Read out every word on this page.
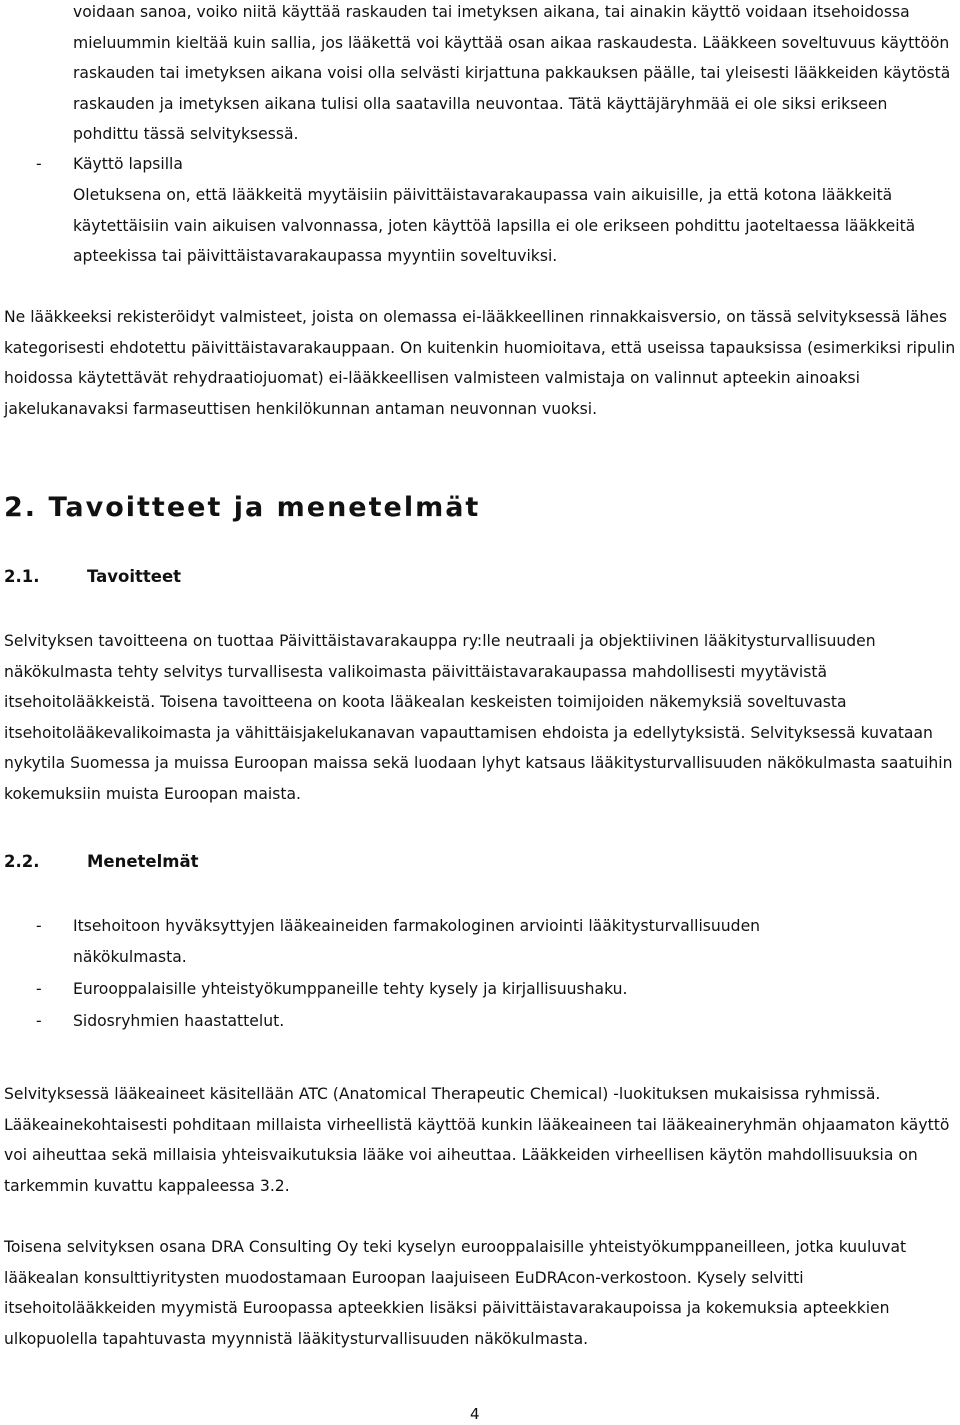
voidaan sanoa, voiko niitä käyttää raskauden tai imetyksen aikana, tai ainakin käyttö voidaan itsehoidossa mieluummin kieltää kuin sallia, jos lääkettä voi käyttää osan aikaa raskaudesta. Lääkkeen soveltuvuus käyttöön raskauden tai imetyksen aikana voisi olla selvästi kirjattuna pakkauksen päälle, tai yleisesti lääkkeiden käytöstä raskauden ja imetyksen aikana tulisi olla saatavilla neuvontaa. Tätä käyttäjäryhmää ei ole siksi erikseen pohdittu tässä selvityksessä.

- Käyttö lapsilla

Oletuksena on, että lääkkeitä myytäisiin päivittäistavarakaupassa vain aikuisille, ja että kotona lääkkeitä käytettäisiin vain aikuisen valvonnassa, joten käyttöä lapsilla ei ole erikseen pohdittu jaoteltaessa lääkkeitä apteekissa tai päivittäistavarakaupassa myyntiin soveltuviksi.

Ne lääkkeeksi rekisteröidyt valmisteet, joista on olemassa ei-lääkkeellinen rinnakkaisversio, on tässä selvityksessä lähes kategorisesti ehdotettu päivittäistavarakauppaan. On kuitenkin huomioitava, että useissa tapauksissa (esimerkiksi ripulin hoidossa käytettävät rehydraatiojuomat) ei-lääkkeellisen valmisteen valmistaja on valinnut apteekin ainoaksi jakelukanavaksi farmaseuttisen henkilökunnan antaman neuvonnan vuoksi.

2. Tavoitteet ja menetelmät
2.1.	Tavoitteet

Selvityksen tavoitteena on tuottaa Päivittäistavarakauppa ry:lle neutraali ja objektiivinen lääkitysturvallisuuden näkökulmasta tehty selvitys turvallisesta valikoimasta päivittäistavarakaupassa mahdollisesti myytävistä itsehoitolääkkeistä. Toisena tavoitteena on koota lääkealan keskeisten toimijoiden näkemyksiä soveltuvasta itsehoitolääkevalikoimasta ja vähittäisjakelukanavan vapauttamisen ehdoista ja edellytyksistä. Selvityksessä kuvataan nykytila Suomessa ja muissa Euroopan maissa sekä luodaan lyhyt katsaus lääkitysturvallisuuden näkökulmasta saatuihin kokemuksiin muista Euroopan maista.

2.2.	Menetelmät
- Itsehoitoon hyväksyttyjen lääkeaineiden farmakologinen arviointi lääkitysturvallisuuden näkökulmasta.

- Eurooppalaisille yhteistyökumppaneille tehty kysely ja kirjallisuushaku.

- Sidosryhmien haastattelut.

Selvityksessä lääkeaineet käsitellään ATC (Anatomical Therapeutic Chemical) -luokituksen mukaisissa ryhmissä. Lääkeainekohtaisesti pohditaan millaista virheellistä käyttöä kunkin lääkeaineen tai lääkeaineryhmän ohjaamaton käyttö voi aiheuttaa sekä millaisia yhteisvaikutuksia lääke voi aiheuttaa. Lääkkeiden virheellisen käytön mahdollisuuksia on tarkemmin kuvattu kappaleessa 3.2.

Toisena selvityksen osana DRA Consulting Oy teki kyselyn eurooppalaisille yhteistyökumppaneilleen, jotka kuuluvat lääkealan konsulttiyritysten muodostamaan Euroopan laajuiseen EuDRAcon-verkostoon. Kysely selvitti itsehoitolääkkeiden myymistä Euroopassa apteekkien lisäksi päivittäistavarakaupoissa ja kokemuksia apteekkien ulkopuolella tapahtuvasta myynnistä lääkitysturvallisuuden näkökulmasta.

4
